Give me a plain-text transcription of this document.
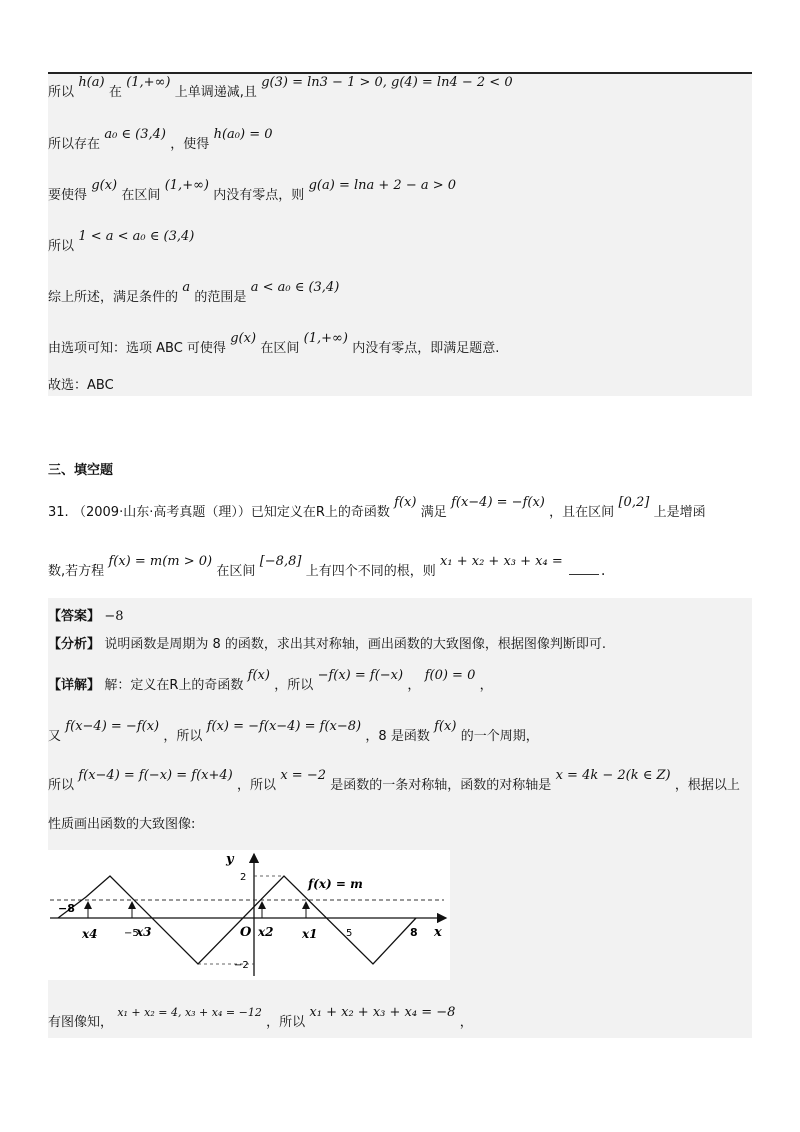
所以 h(a) 在 (1,+∞) 上单调递减,且 g(3) = ln3 − 1 > 0, g(4) = ln4 − 2 < 0
所以存在 a₀ ∈ (3,4) ，使得 h(a₀) = 0
要使得 g(x) 在区间 (1,+∞) 内没有零点，则 g(a) = lna + 2 − a > 0
所以 1 < a < a₀ ∈ (3,4)
综上所述，满足条件的 a 的范围是 a < a₀ ∈ (3,4)
由选项可知：选项 ABC 可使得 g(x) 在区间 (1,+∞) 内没有零点，即满足题意.
故选：ABC
三、填空题
31. （2009·山东·高考真题（理））已知定义在R上的奇函数 f(x) 满足 f(x−4) = −f(x) ，且在区间 [0,2] 上是增函
数,若方程 f(x) = m(m > 0) 在区间 [−8,8] 上有四个不同的根，则 x₁ + x₂ + x₃ + x₄ = .
【答案】 −8
【分析】 说明函数是周期为 8 的函数，求出其对称轴，画出函数的大致图像，根据图像判断即可.
【详解】 解：定义在R上的奇函数 f(x) ，所以 −f(x) = f(−x) ， f(0) = 0 ，
又 f(x−4) = −f(x) ，所以 f(x) = −f(x−4) = f(x−8) ，8 是函数 f(x) 的一个周期，
所以 f(x−4) = f(−x) = f(x+4) ，所以 x = −2 是函数的一条对称轴，函数的对称轴是 x = 4k − 2(k ∈ Z) ，根据以上
性质画出函数的大致图像:
y
x
O
f(x) = m
2
−2
−8
−5	5	8
x4	x3	x2 x1
有图像知， x₁ + x₂ = 4, x₃ + x₄ = −12 ，所以 x₁ + x₂ + x₃ + x₄ = −8 ，
